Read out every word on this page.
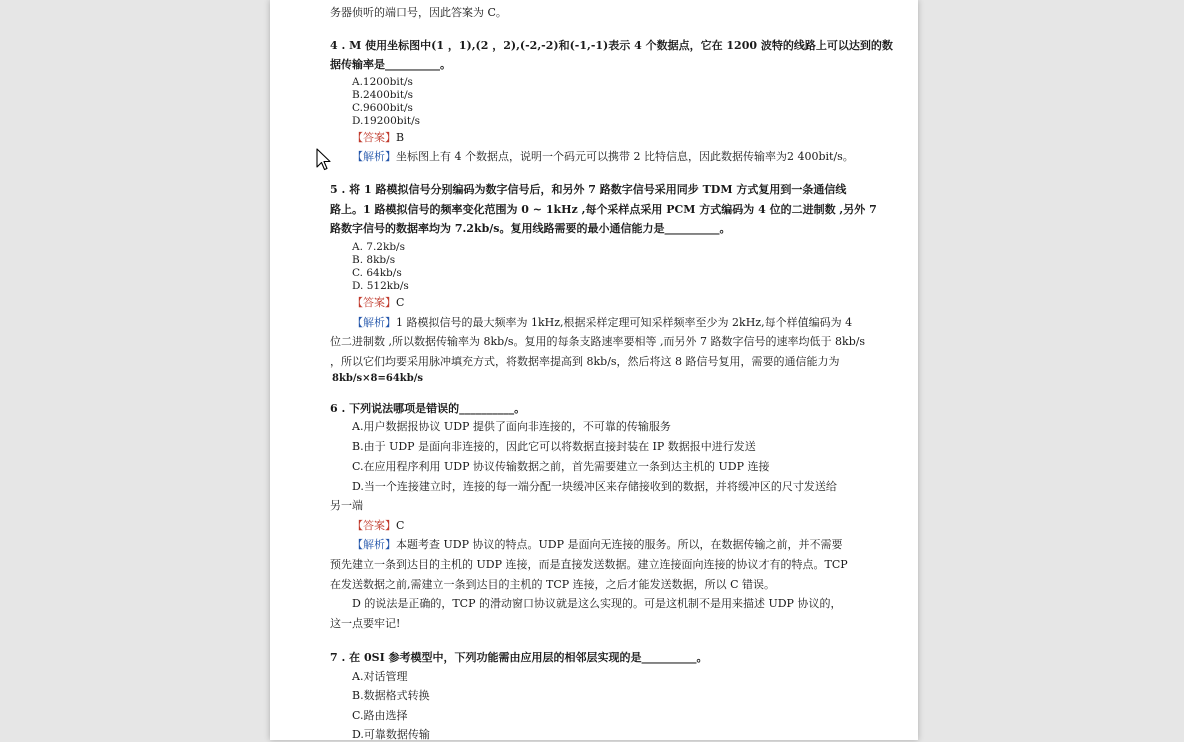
务器侦听的端口号，因此答案为 C。
4 . M 使用坐标图中(1 ，1),(2 ，2),(-2,-2)和(-1,-1)表示 4 个数据点，它在 1200 波特的线路上可以达到的数
据传输率是__________。
A.1200bit/s
B.2400bit/s
C.9600bit/s
D.19200bit/s
【答案】B
【解析】坐标图上有 4 个数据点，说明一个码元可以携带 2 比特信息，因此数据传输率为2 400bit/s。
5 . 将 1 路模拟信号分别编码为数字信号后，和另外 7 路数字信号采用同步 TDM 方式复用到一条通信线
路上。1 路模拟信号的频率变化范围为 0 ~ 1kHz ,每个采样点采用 PCM 方式编码为 4 位的二进制数 ,另外 7
路数字信号的数据率均为 7.2kb/s。复用线路需要的最小通信能力是__________。
A. 7.2kb/s
B. 8kb/s
C. 64kb/s
D. 512kb/s
【答案】C
【解析】1 路模拟信号的最大频率为 1kHz,根据采样定理可知采样频率至少为 2kHz,每个样值编码为 4
位二进制数 ,所以数据传输率为 8kb/s。复用的每条支路速率要相等 ,而另外 7 路数字信号的速率均低于 8kb/s
，所以它们均要采用脉冲填充方式，将数据率提高到 8kb/s，然后将这 8 路信号复用，需要的通信能力为
8kb/s×8=64kb/s
6 . 下列说法哪项是错误的__________。
A.用户数据报协议 UDP 提供了面向非连接的，不可靠的传输服务
B.由于 UDP 是面向非连接的，因此它可以将数据直接封装在 IP 数据报中进行发送
C.在应用程序利用 UDP 协议传输数据之前，首先需要建立一条到达主机的 UDP 连接
D.当一个连接建立时，连接的每一端分配一块缓冲区来存储接收到的数据，并将缓冲区的尺寸发送给
另一端
【答案】C
【解析】本题考查 UDP 协议的特点。UDP 是面向无连接的服务。所以，在数据传输之前，并不需要
预先建立一条到达目的主机的 UDP 连接，而是直接发送数据。建立连接面向连接的协议才有的特点。TCP
在发送数据之前,需建立一条到达目的主机的 TCP 连接，之后才能发送数据，所以 C 错误。
D 的说法是正确的，TCP 的滑动窗口协议就是这么实现的。可是这机制不是用来描述 UDP 协议的，
这一点要牢记!
7 . 在 0SI 参考模型中，下列功能需由应用层的相邻层实现的是__________。
A.对话管理
B.数据格式转换
C.路由选择
D.可靠数据传输
